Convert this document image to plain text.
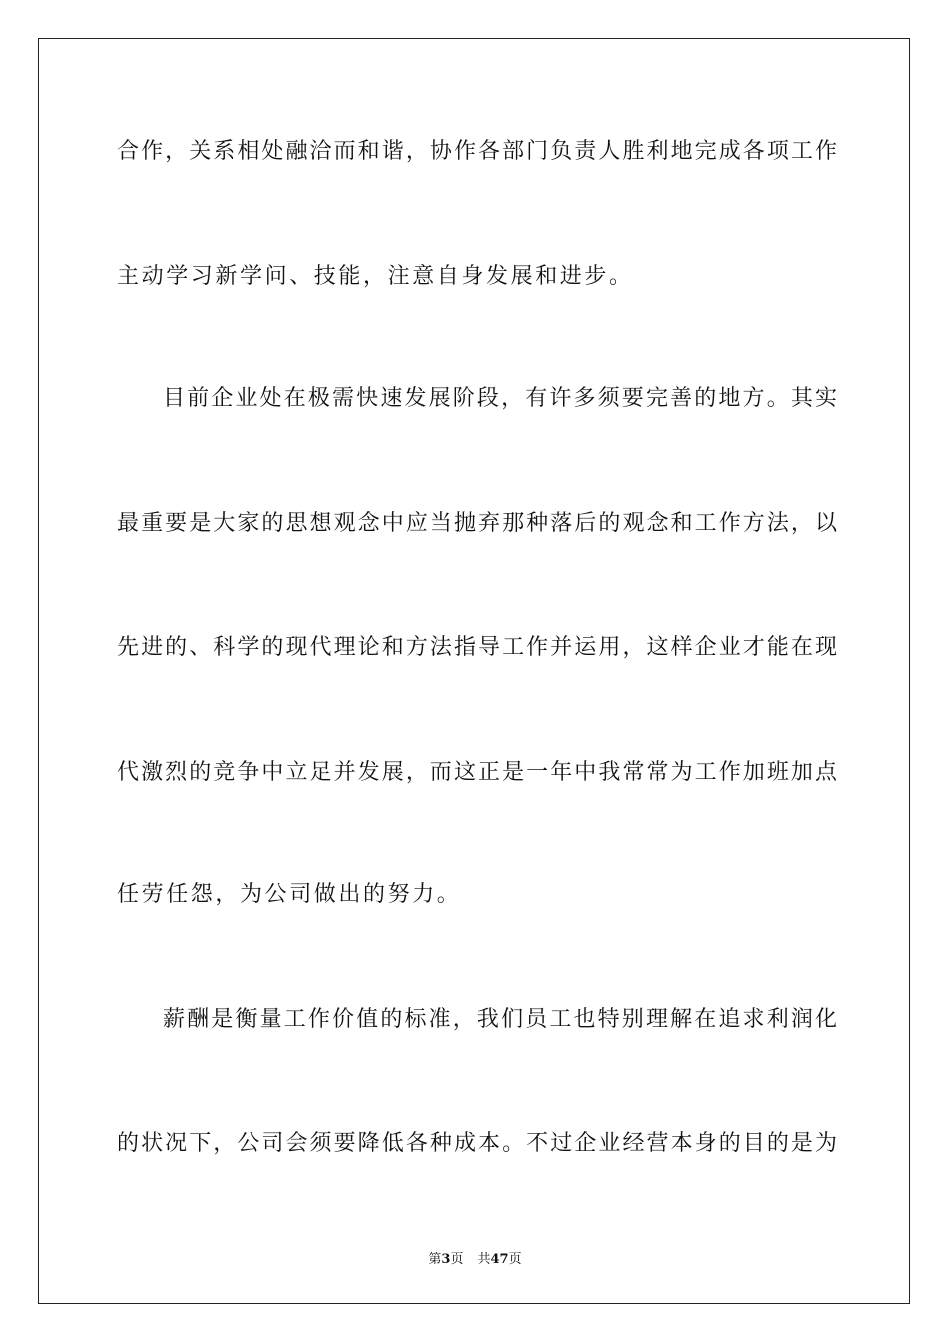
合作，关系相处融洽而和谐，协作各部门负责人胜利地完成各项工作
主动学习新学问、技能，注意自身发展和进步。
目前企业处在极需快速发展阶段，有许多须要完善的地方。其实
最重要是大家的思想观念中应当抛弃那种落后的观念和工作方法，以
先进的、科学的现代理论和方法指导工作并运用，这样企业才能在现
代激烈的竞争中立足并发展，而这正是一年中我常常为工作加班加点
任劳任怨，为公司做出的努力。
薪酬是衡量工作价值的标准，我们员工也特别理解在追求利润化
的状况下，公司会须要降低各种成本。不过企业经营本身的目的是为
第3页 共47页
